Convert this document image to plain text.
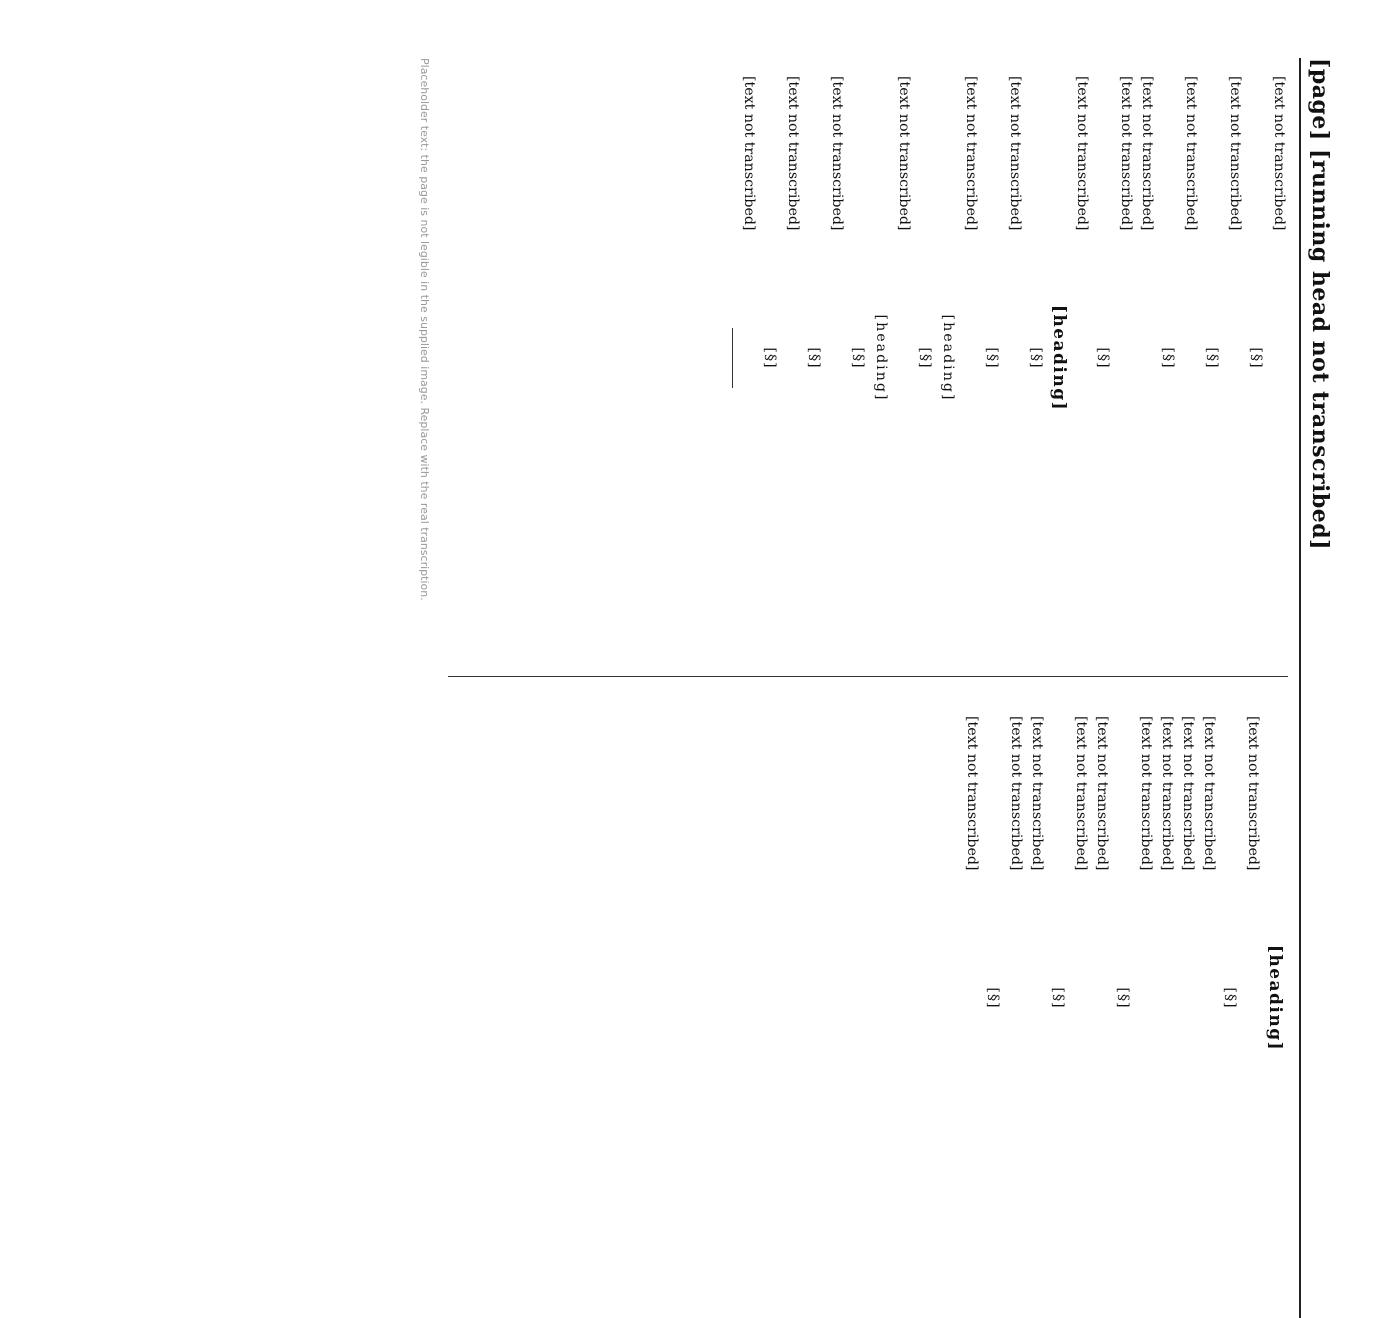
[page] [running head not transcribed]

[text not transcribed]

[§]

[text not transcribed]

[§]

[text not transcribed]

[§]

[text not transcribed]

[text not transcribed]

[§]

[text not transcribed]

[heading]

[§]

[text not transcribed]

[§]

[text not transcribed]

[heading]

[§]

[text not transcribed]

[heading]

[§]

[text not transcribed]

[§]

[text not transcribed]

[§]

[text not transcribed]

[heading]

[text not transcribed]

[§]

[text not transcribed]

[text not transcribed]

[text not transcribed]

[text not transcribed]

[§]

[text not transcribed]

[text not transcribed]

[§]

[text not transcribed]

[text not transcribed]

[§]

[text not transcribed]

Placeholder text: the page is not legible in the supplied image. Replace with the real transcription.
